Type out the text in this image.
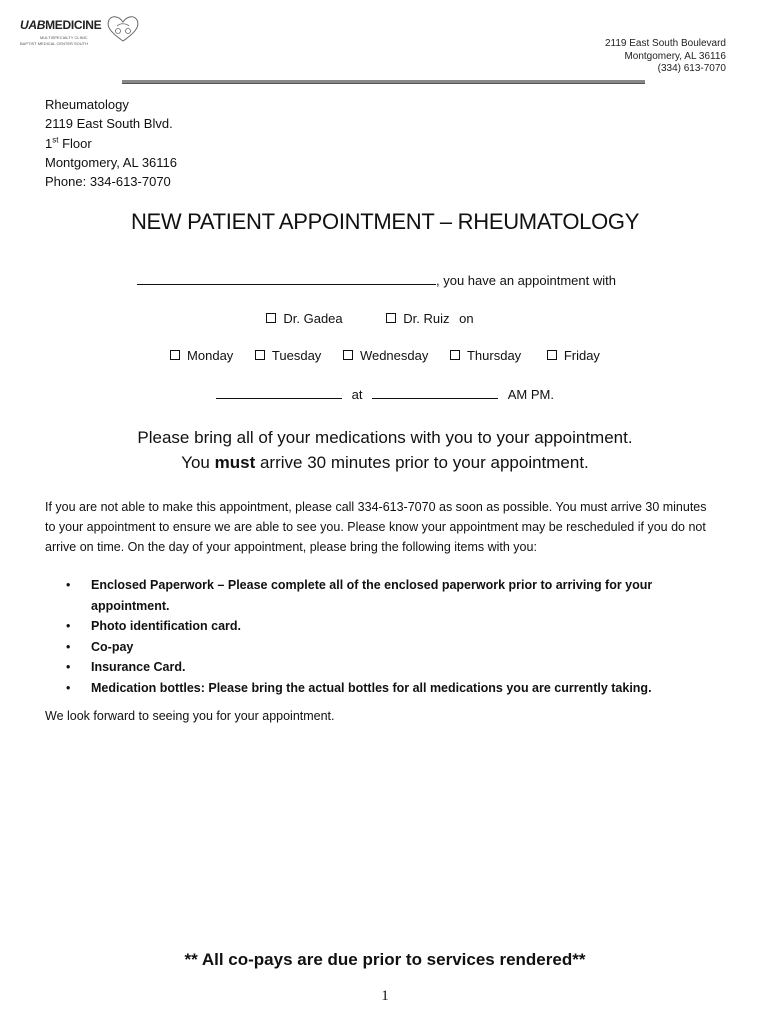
UABMEDICINE
MULTISPECIALTY CLINIC
BAPTIST MEDICAL CENTER SOUTH	2119 East South Boulevard
Montgomery, AL 36116
(334) 613-7070
Rheumatology
2119 East South Blvd.
1st Floor
Montgomery, AL 36116
Phone: 334-613-7070
NEW PATIENT APPOINTMENT – RHEUMATOLOGY
, you have an appointment with
Dr. Gadea	Dr. Ruiz on
Monday	Tuesday	Wednesday	Thursday	Friday
at	AM PM.
Please bring all of your medications with you to your appointment.
You must arrive 30 minutes prior to your appointment.
If you are not able to make this appointment, please call 334-613-7070 as soon as possible. You must arrive 30 minutes to your appointment to ensure we are able to see you. Please know your appointment may be rescheduled if you do not arrive on time. On the day of your appointment, please bring the following items with you:
• Enclosed Paperwork – Please complete all of the enclosed paperwork prior to arriving for your appointment.
• Photo identification card.
• Co-pay
• Insurance Card.
• Medication bottles: Please bring the actual bottles for all medications you are currently taking.
We look forward to seeing you for your appointment.
** All co-pays are due prior to services rendered**
1
